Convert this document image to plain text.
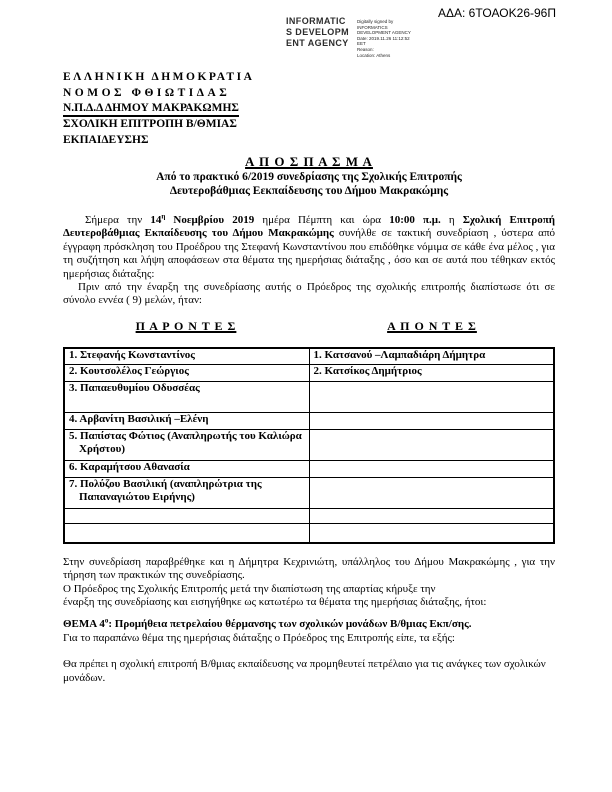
ΑΔΑ: 6ΤΟΑΟΚ26-96Π
INFORMATICS DEVELOPMENT AGENCY
Digitally signed by
INFORMATICS
DEVELOPMENT AGENCY
Date: 2019.11.26 11:12:52
EET
Reason:
Location: Athens
ΕΛΛΗΝΙΚΗ ΔΗΜΟΚΡΑΤΙΑ
ΝΟΜΟΣ ΦΘΙΩΤΙΔΑΣ
Ν.Π.Δ.Δ ΔΗΜΟΥ ΜΑΚΡΑΚΩΜΗΣ
ΣΧΟΛΙΚΗ ΕΠΙΤΡΟΠΗ Β/ΘΜΙΑΣ
ΕΚΠΑΙΔΕΥΣΗΣ
Α Π Ο Σ Π Α Σ Μ Α
Από το πρακτικό 6/2019 συνεδρίασης της Σχολικής Επιτροπής
Δευτεροβάθμιας Εεκπαίδευσης του Δήμου Μακρακώμης
Σήμερα την $14^\eta$ Νοεμβρίου 2019 ημέρα Πέμπτη και ώρα 10:00 π.μ. η Σχολική Επιτροπή Δευτεροβάθμιας Εκπαίδευσης του Δήμου Μακρακώμης συνήλθε σε τακτική συνεδρίαση , ύστερα από έγγραφη πρόσκληση του Προέδρου της Στεφανή Κωνσταντίνου που επιδόθηκε νόμιμα σε κάθε ένα μέλος , για τη συζήτηση και λήψη αποφάσεων στα θέματα της ημερήσιας διάταξης , όσο και σε αυτά που τέθηκαν εκτός ημερήσιας διάταξης:
Πριν από την έναρξη της συνεδρίασης αυτής ο Πρόεδρος της σχολικής επιτροπής διαπίστωσε ότι σε σύνολο εννέα ( 9) μελών, ήταν:
Π Α Ρ Ο Ν Τ Ε Σ	Α Π Ο Ν Τ Ε Σ
1. Στεφανής Κωνσταντίνος	1. Κατσανού –Λαμπαδιάρη Δήμητρα
2. Κουτσολέλος Γεώργιος	2. Κατσίκος Δημήτριος
3. Παπαευθυμίου Οδυσσέας	
4. Αρβανίτη Βασιλική –Ελένη	
5. Παπίστας Φώτιος (Αναπληρωτής του Καλιώρα Χρήστου)	
6. Καραμήτσου Αθανασία	
7. Πολύζου Βασιλική (αναπληρώτρια της Παπαναγιώτου Ειρήνης)	

Στην συνεδρίαση παραβρέθηκε και η Δήμητρα Κεχρινιώτη, υπάλληλος του Δήμου Μακρακώμης , για την τήρηση των πρακτικών της συνεδρίασης.
Ο Πρόεδρος της Σχολικής Επιτροπής μετά την διαπίστωση της απαρτίας κήρυξε την
έναρξη της συνεδρίασης και εισηγήθηκε ως κατωτέρω τα θέματα της ημερήσιας διάταξης, ήτοι:
ΘΕΜΑ $4^o$: Προμήθεια πετρελαίου θέρμανσης των σχολικών μονάδων Β/θμιας Εκπ/σης.
Για το παραπάνω θέμα της ημερήσιας διάταξης ο Πρόεδρος της Επιτροπής είπε, τα εξής:
Θα πρέπει η σχολική επιτροπή Β/θμιας εκπαίδευσης να προμηθευτεί πετρέλαιο για τις ανάγκες των σχολικών μονάδων.
